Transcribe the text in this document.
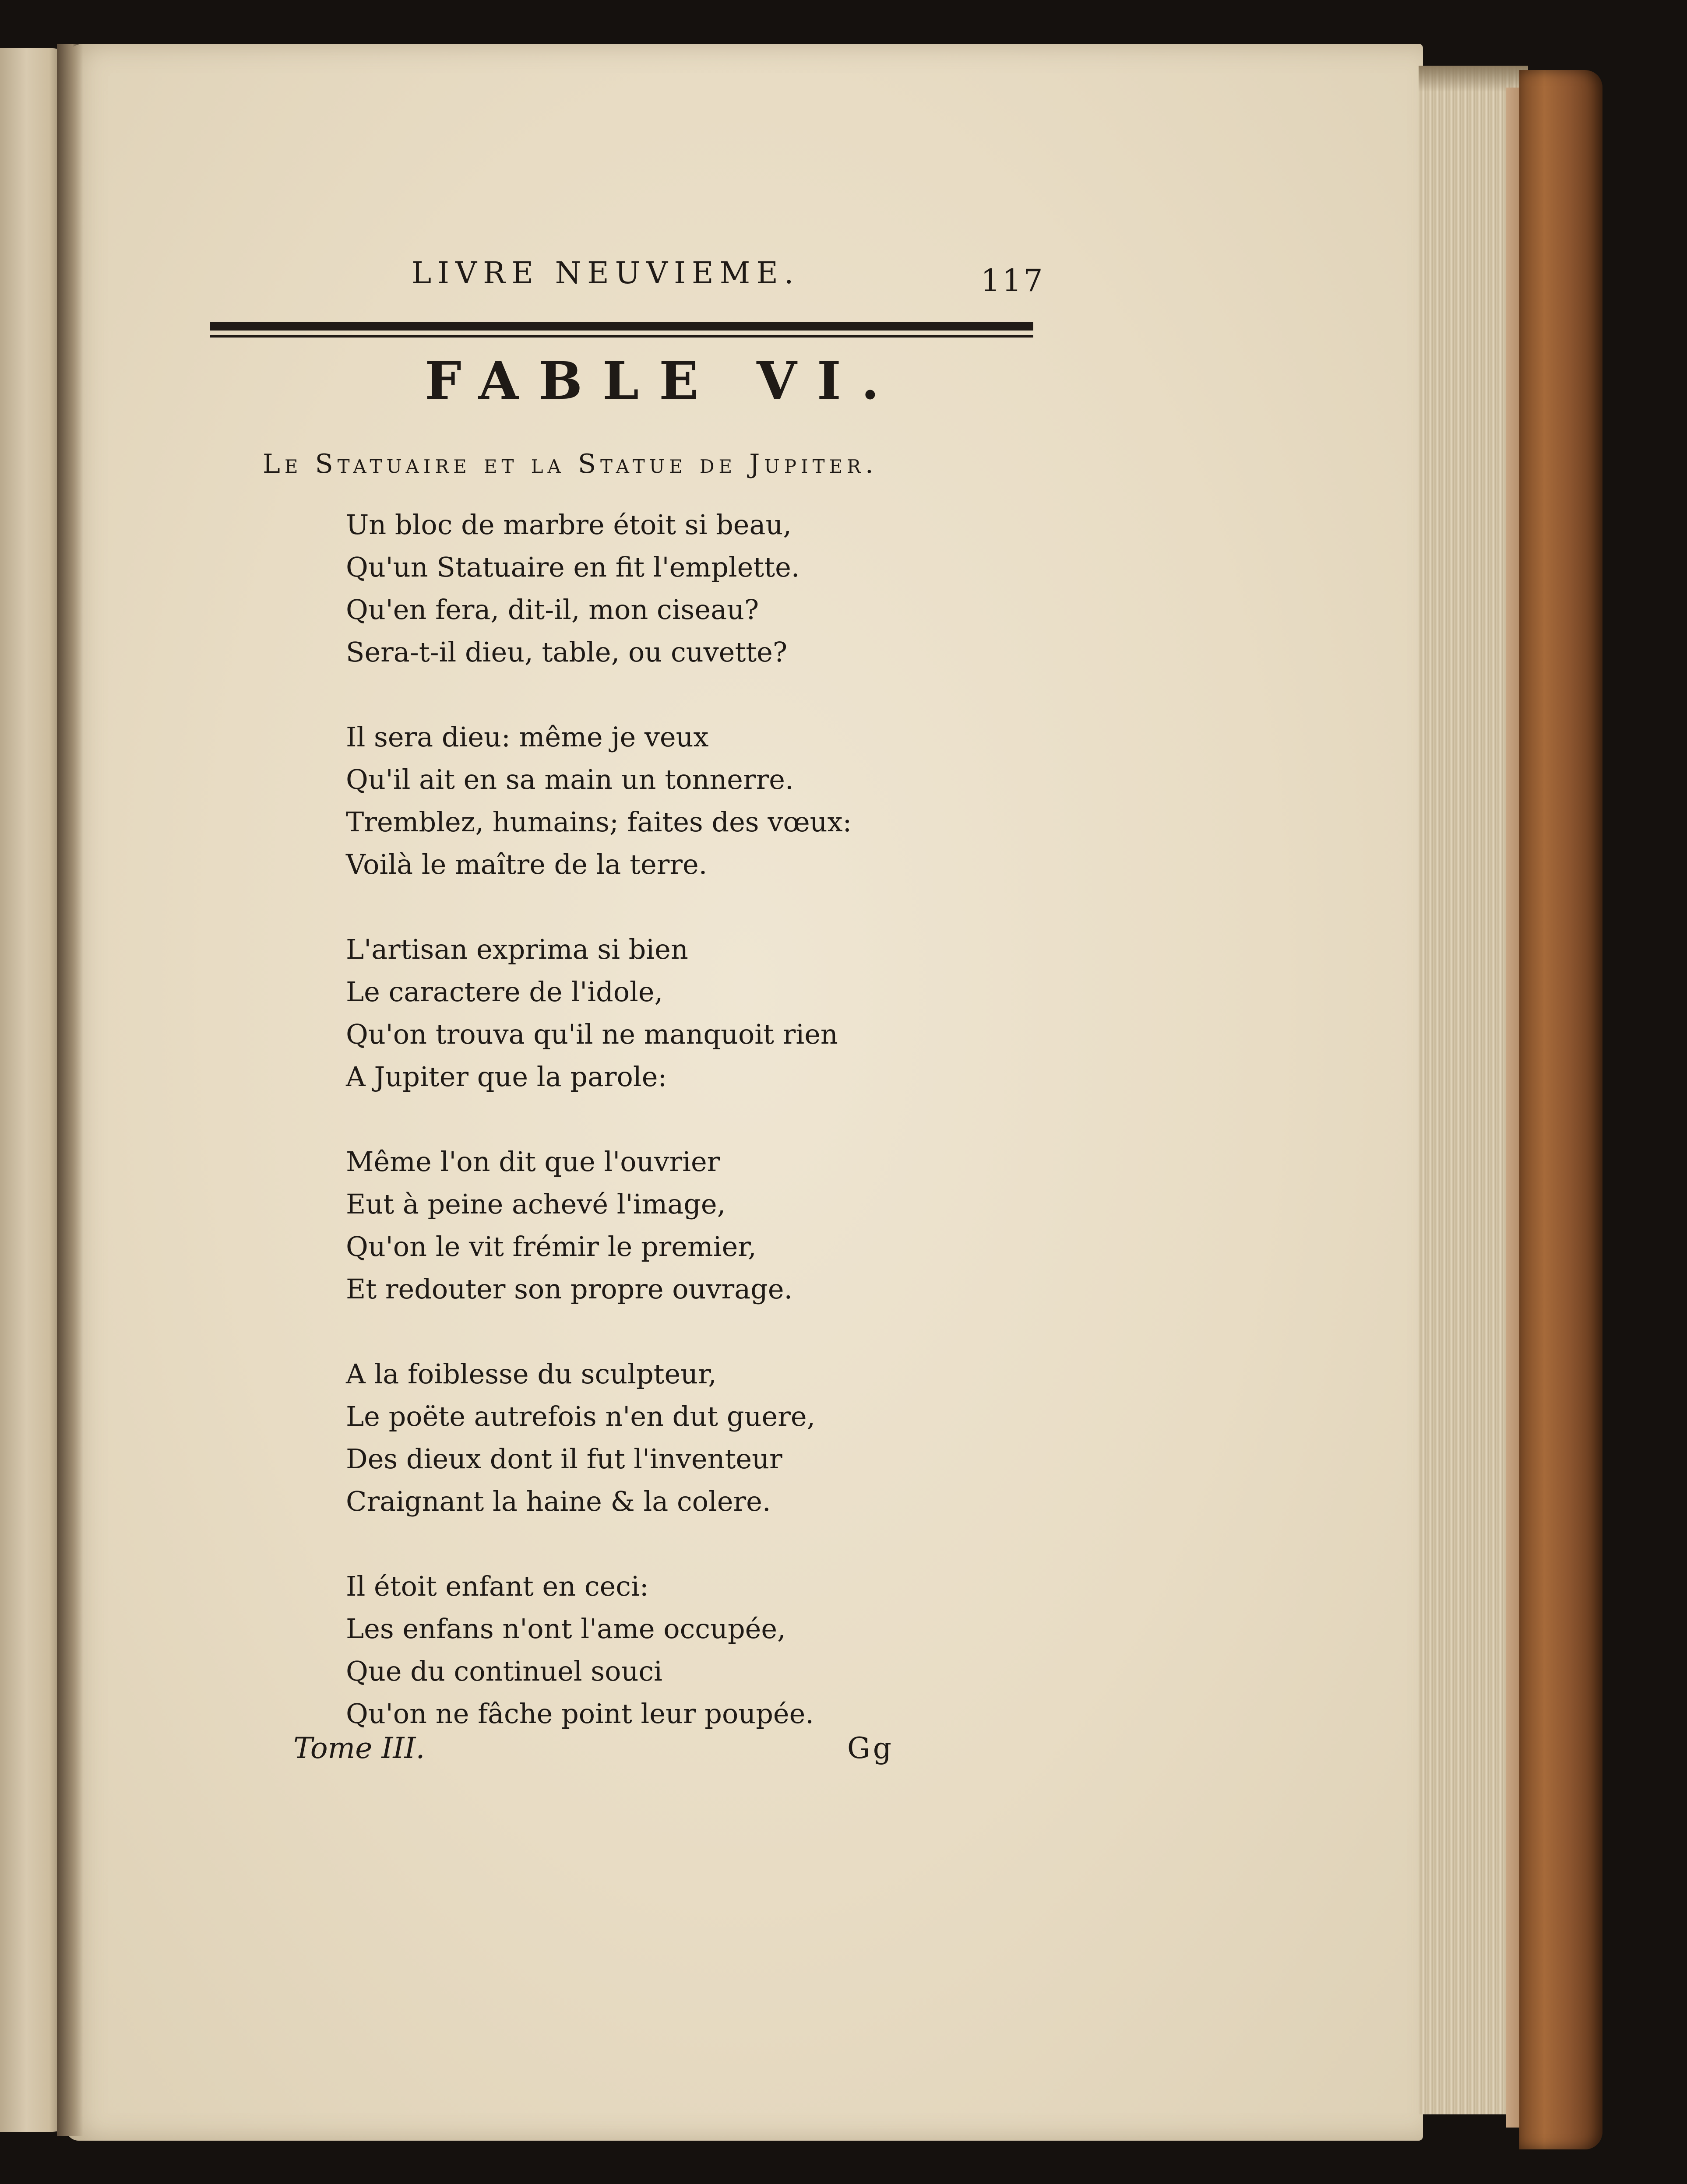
LIVRE NEUVIEME.	117
FABLE VI.
Le Statuaire et la Statue de Jupiter.
Un bloc de marbre étoit si beau,
Qu'un Statuaire en fit l'emplette.
Qu'en fera, dit-il, mon ciseau?
Sera-t-il dieu, table, ou cuvette?
Il sera dieu: même je veux
Qu'il ait en sa main un tonnerre.
Tremblez, humains; faites des vœux:
Voilà le maître de la terre.
L'artisan exprima si bien
Le caractere de l'idole,
Qu'on trouva qu'il ne manquoit rien
A Jupiter que la parole:
Même l'on dit que l'ouvrier
Eut à peine achevé l'image,
Qu'on le vit frémir le premier,
Et redouter son propre ouvrage.
A la foiblesse du sculpteur,
Le poëte autrefois n'en dut guere,
Des dieux dont il fut l'inventeur
Craignant la haine & la colere.
Il étoit enfant en ceci:
Les enfans n'ont l'ame occupée,
Que du continuel souci
Qu'on ne fâche point leur poupée.
Tome III.	Gg
